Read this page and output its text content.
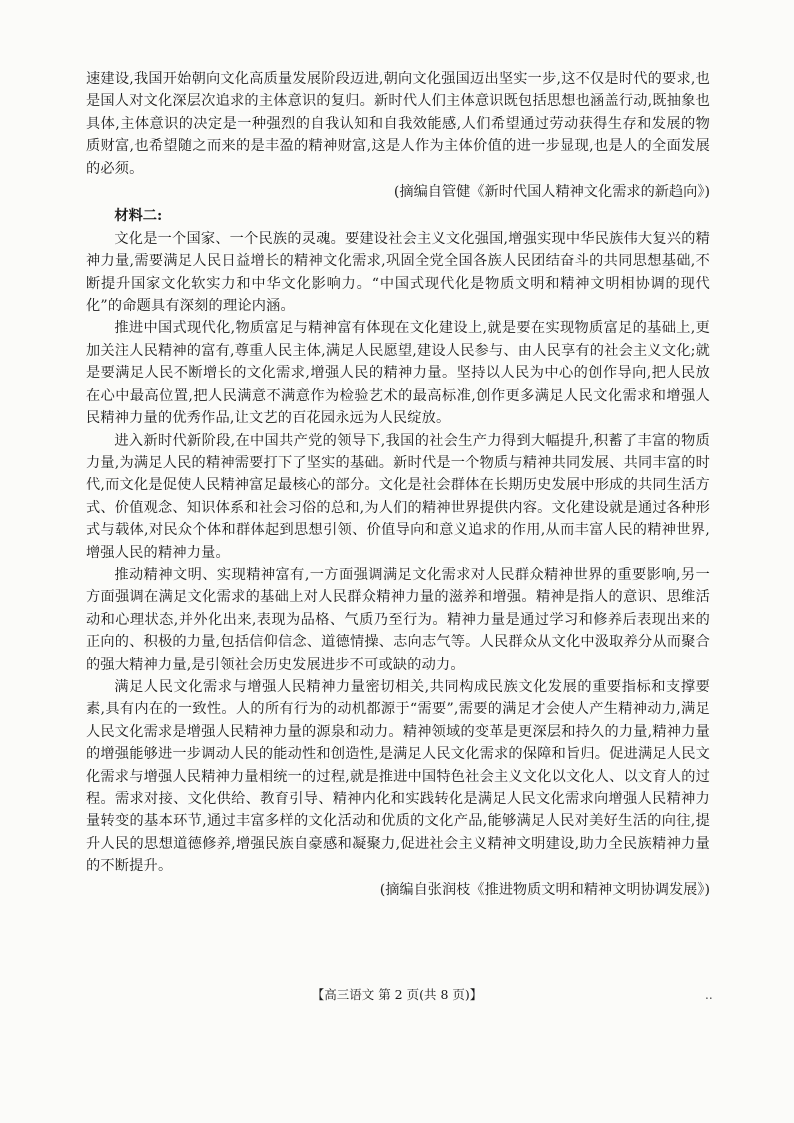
速建设,我国开始朝向文化高质量发展阶段迈进,朝向文化强国迈出坚实一步,这不仅是时代的要求,也是国人对文化深层次追求的主体意识的复归。新时代人们主体意识既包括思想也涵盖行动,既抽象也具体,主体意识的决定是一种强烈的自我认知和自我效能感,人们希望通过劳动获得生存和发展的物质财富,也希望随之而来的是丰盈的精神财富,这是人作为主体价值的进一步显现,也是人的全面发展的必须。

(摘编自管健《新时代国人精神文化需求的新趋向》)

材料二:

文化是一个国家、一个民族的灵魂。要建设社会主义文化强国,增强实现中华民族伟大复兴的精神力量,需要满足人民日益增长的精神文化需求,巩固全党全国各族人民团结奋斗的共同思想基础,不断提升国家文化软实力和中华文化影响力。“中国式现代化是物质文明和精神文明相协调的现代化”的命题具有深刻的理论内涵。

推进中国式现代化,物质富足与精神富有体现在文化建设上,就是要在实现物质富足的基础上,更加关注人民精神的富有,尊重人民主体,满足人民愿望,建设人民参与、由人民享有的社会主义文化;就是要满足人民不断增长的文化需求,增强人民的精神力量。坚持以人民为中心的创作导向,把人民放在心中最高位置,把人民满意不满意作为检验艺术的最高标准,创作更多满足人民文化需求和增强人民精神力量的优秀作品,让文艺的百花园永远为人民绽放。

进入新时代新阶段,在中国共产党的领导下,我国的社会生产力得到大幅提升,积蓄了丰富的物质力量,为满足人民的精神需要打下了坚实的基础。新时代是一个物质与精神共同发展、共同丰富的时代,而文化是促使人民精神富足最核心的部分。文化是社会群体在长期历史发展中形成的共同生活方式、价值观念、知识体系和社会习俗的总和,为人们的精神世界提供内容。文化建设就是通过各种形式与载体,对民众个体和群体起到思想引领、价值导向和意义追求的作用,从而丰富人民的精神世界,增强人民的精神力量。

推动精神文明、实现精神富有,一方面强调满足文化需求对人民群众精神世界的重要影响,另一方面强调在满足文化需求的基础上对人民群众精神力量的滋养和增强。精神是指人的意识、思维活动和心理状态,并外化出来,表现为品格、气质乃至行为。精神力量是通过学习和修养后表现出来的正向的、积极的力量,包括信仰信念、道德情操、志向志气等。人民群众从文化中汲取养分从而聚合的强大精神力量,是引领社会历史发展进步不可或缺的动力。

满足人民文化需求与增强人民精神力量密切相关,共同构成民族文化发展的重要指标和支撑要素,具有内在的一致性。人的所有行为的动机都源于“需要”,需要的满足才会使人产生精神动力,满足人民文化需求是增强人民精神力量的源泉和动力。精神领域的变革是更深层和持久的力量,精神力量的增强能够进一步调动人民的能动性和创造性,是满足人民文化需求的保障和旨归。促进满足人民文化需求与增强人民精神力量相统一的过程,就是推进中国特色社会主义文化以文化人、以文育人的过程。需求对接、文化供给、教育引导、精神内化和实践转化是满足人民文化需求向增强人民精神力量转变的基本环节,通过丰富多样的文化活动和优质的文化产品,能够满足人民对美好生活的向往,提升人民的思想道德修养,增强民族自豪感和凝聚力,促进社会主义精神文明建设,助力全民族精神力量的不断提升。

(摘编自张润枝《推进物质文明和精神文明协调发展》)

【高三语文 第 2 页(共 8 页)】	..
